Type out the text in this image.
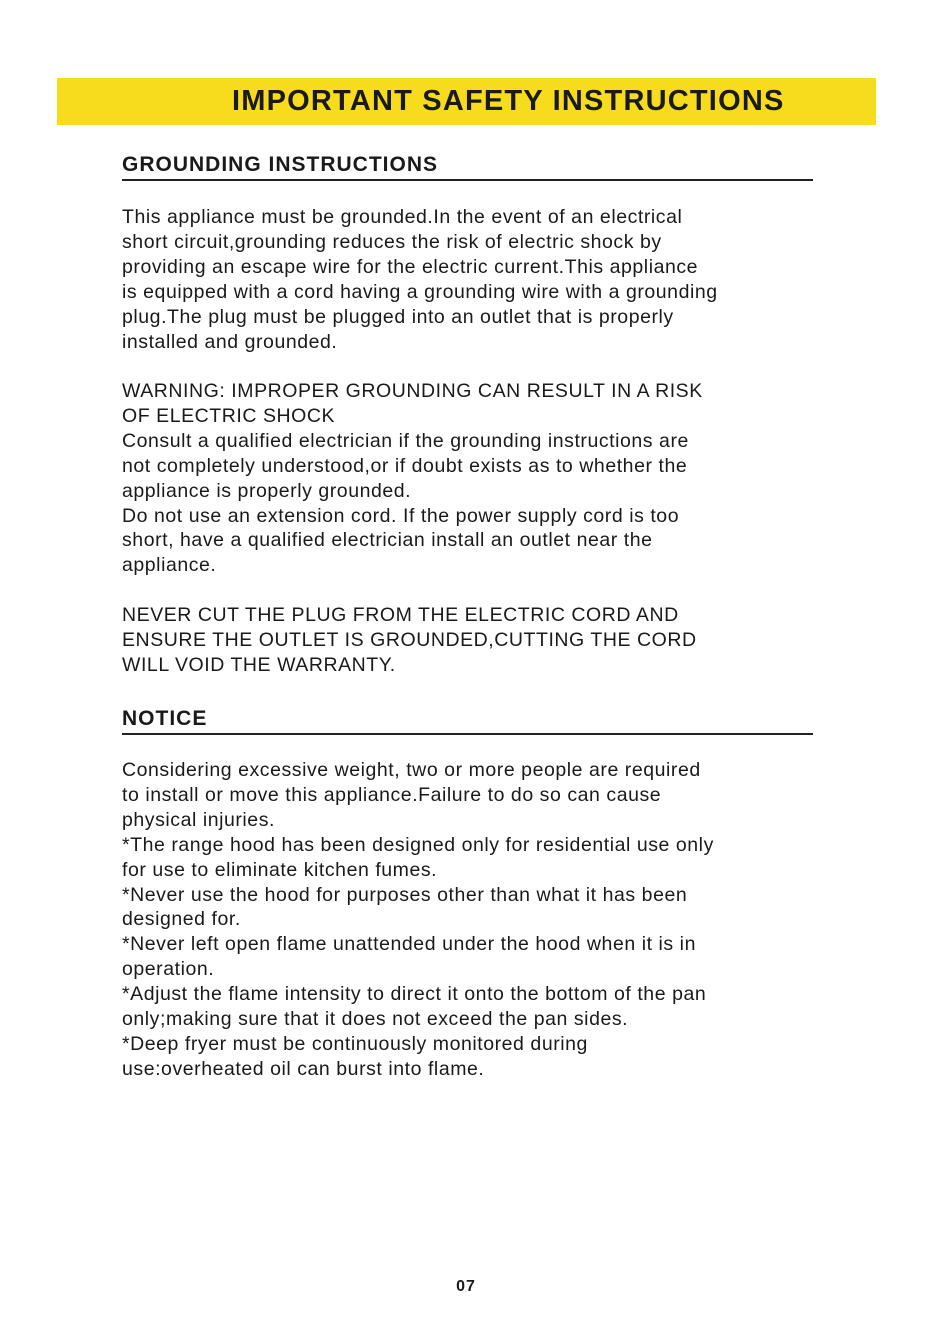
IMPORTANT SAFETY INSTRUCTIONS
GROUNDING INSTRUCTIONS

This appliance must be grounded.In the event of an electrical

short circuit,grounding reduces the risk of electric shock by

providing an escape wire for the electric current.This appliance

is equipped with a cord having a grounding wire with a grounding

plug.The plug must be plugged into an outlet that is properly

installed and grounded.

WARNING: IMPROPER GROUNDING CAN RESULT IN A RISK

OF ELECTRIC SHOCK

Consult a qualified electrician if the grounding instructions are

not completely understood,or if doubt exists as to whether the

appliance is properly grounded.

Do not use an extension cord. If the power supply cord is too

short, have a qualified electrician install an outlet near the

appliance.

NEVER CUT THE PLUG FROM THE ELECTRIC CORD AND

ENSURE THE OUTLET IS GROUNDED,CUTTING THE CORD

WILL VOID THE WARRANTY.

NOTICE

Considering excessive weight, two or more people are required

to install or move this appliance.Failure to do so can cause

physical injuries.

*The range hood has been designed only for residential use only

for use to eliminate kitchen fumes.

*Never use the hood for purposes other than what it has been

designed for.

*Never left open flame unattended under the hood when it is in

operation.

*Adjust the flame intensity to direct it onto the bottom of the pan

only;making sure that it does not exceed the pan sides.

*Deep fryer must be continuously monitored during

use:overheated oil can burst into flame.

07
